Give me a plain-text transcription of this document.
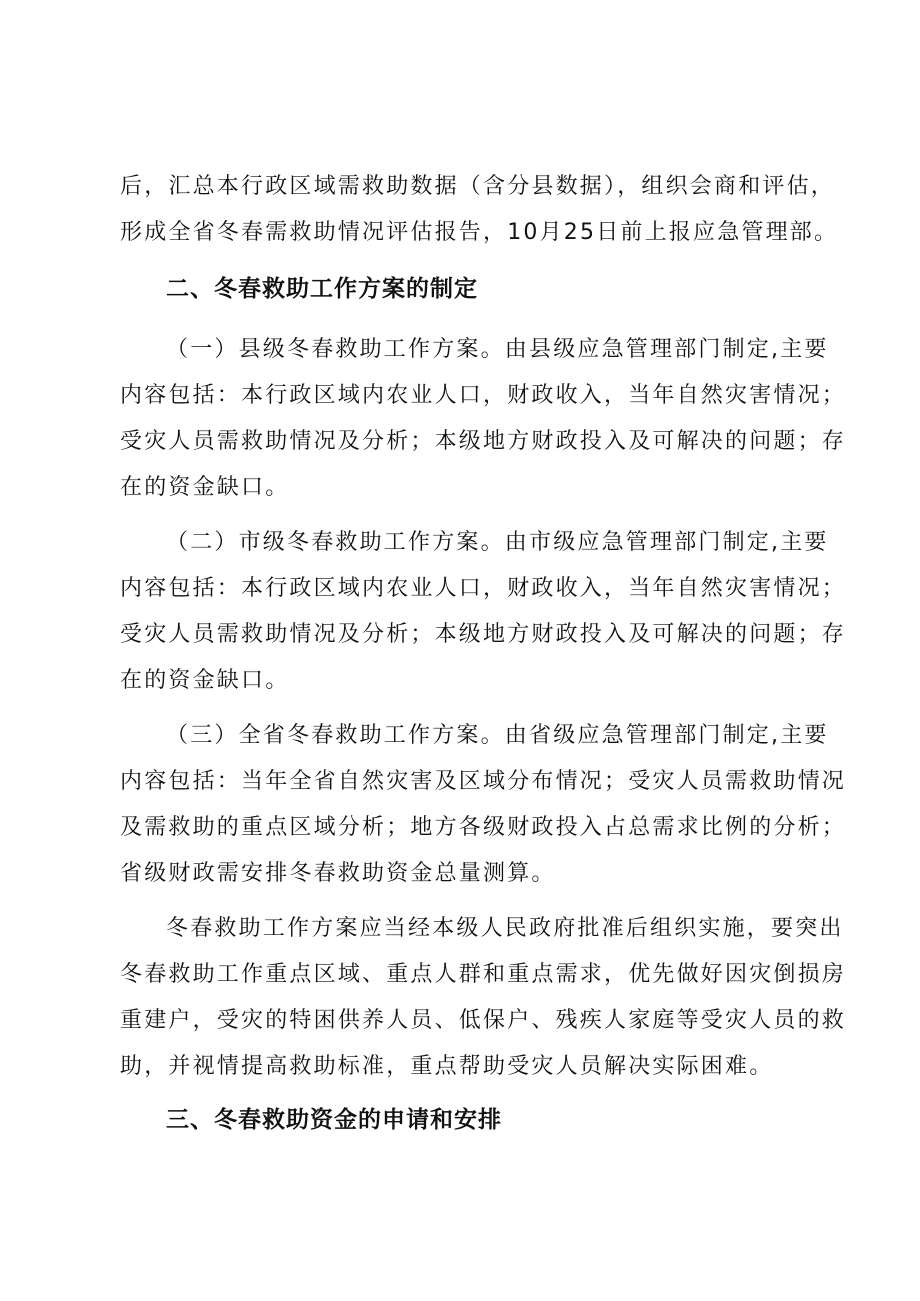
后，汇总本行政区域需救助数据（含分县数据），组织会商和评估，
形成全省冬春需救助情况评估报告，10月25日前上报应急管理部。
二、冬春救助工作方案的制定
（一）县级冬春救助工作方案。由县级应急管理部门制定,主要
内容包括：本行政区域内农业人口，财政收入，当年自然灾害情况；
受灾人员需救助情况及分析；本级地方财政投入及可解决的问题；存
在的资金缺口。
（二）市级冬春救助工作方案。由市级应急管理部门制定,主要
内容包括：本行政区域内农业人口，财政收入，当年自然灾害情况；
受灾人员需救助情况及分析；本级地方财政投入及可解决的问题；存
在的资金缺口。
（三）全省冬春救助工作方案。由省级应急管理部门制定,主要
内容包括：当年全省自然灾害及区域分布情况；受灾人员需救助情况
及需救助的重点区域分析；地方各级财政投入占总需求比例的分析；
省级财政需安排冬春救助资金总量测算。
冬春救助工作方案应当经本级人民政府批准后组织实施，要突出
冬春救助工作重点区域、重点人群和重点需求，优先做好因灾倒损房
重建户，受灾的特困供养人员、低保户、残疾人家庭等受灾人员的救
助，并视情提高救助标准，重点帮助受灾人员解决实际困难。
三、冬春救助资金的申请和安排
